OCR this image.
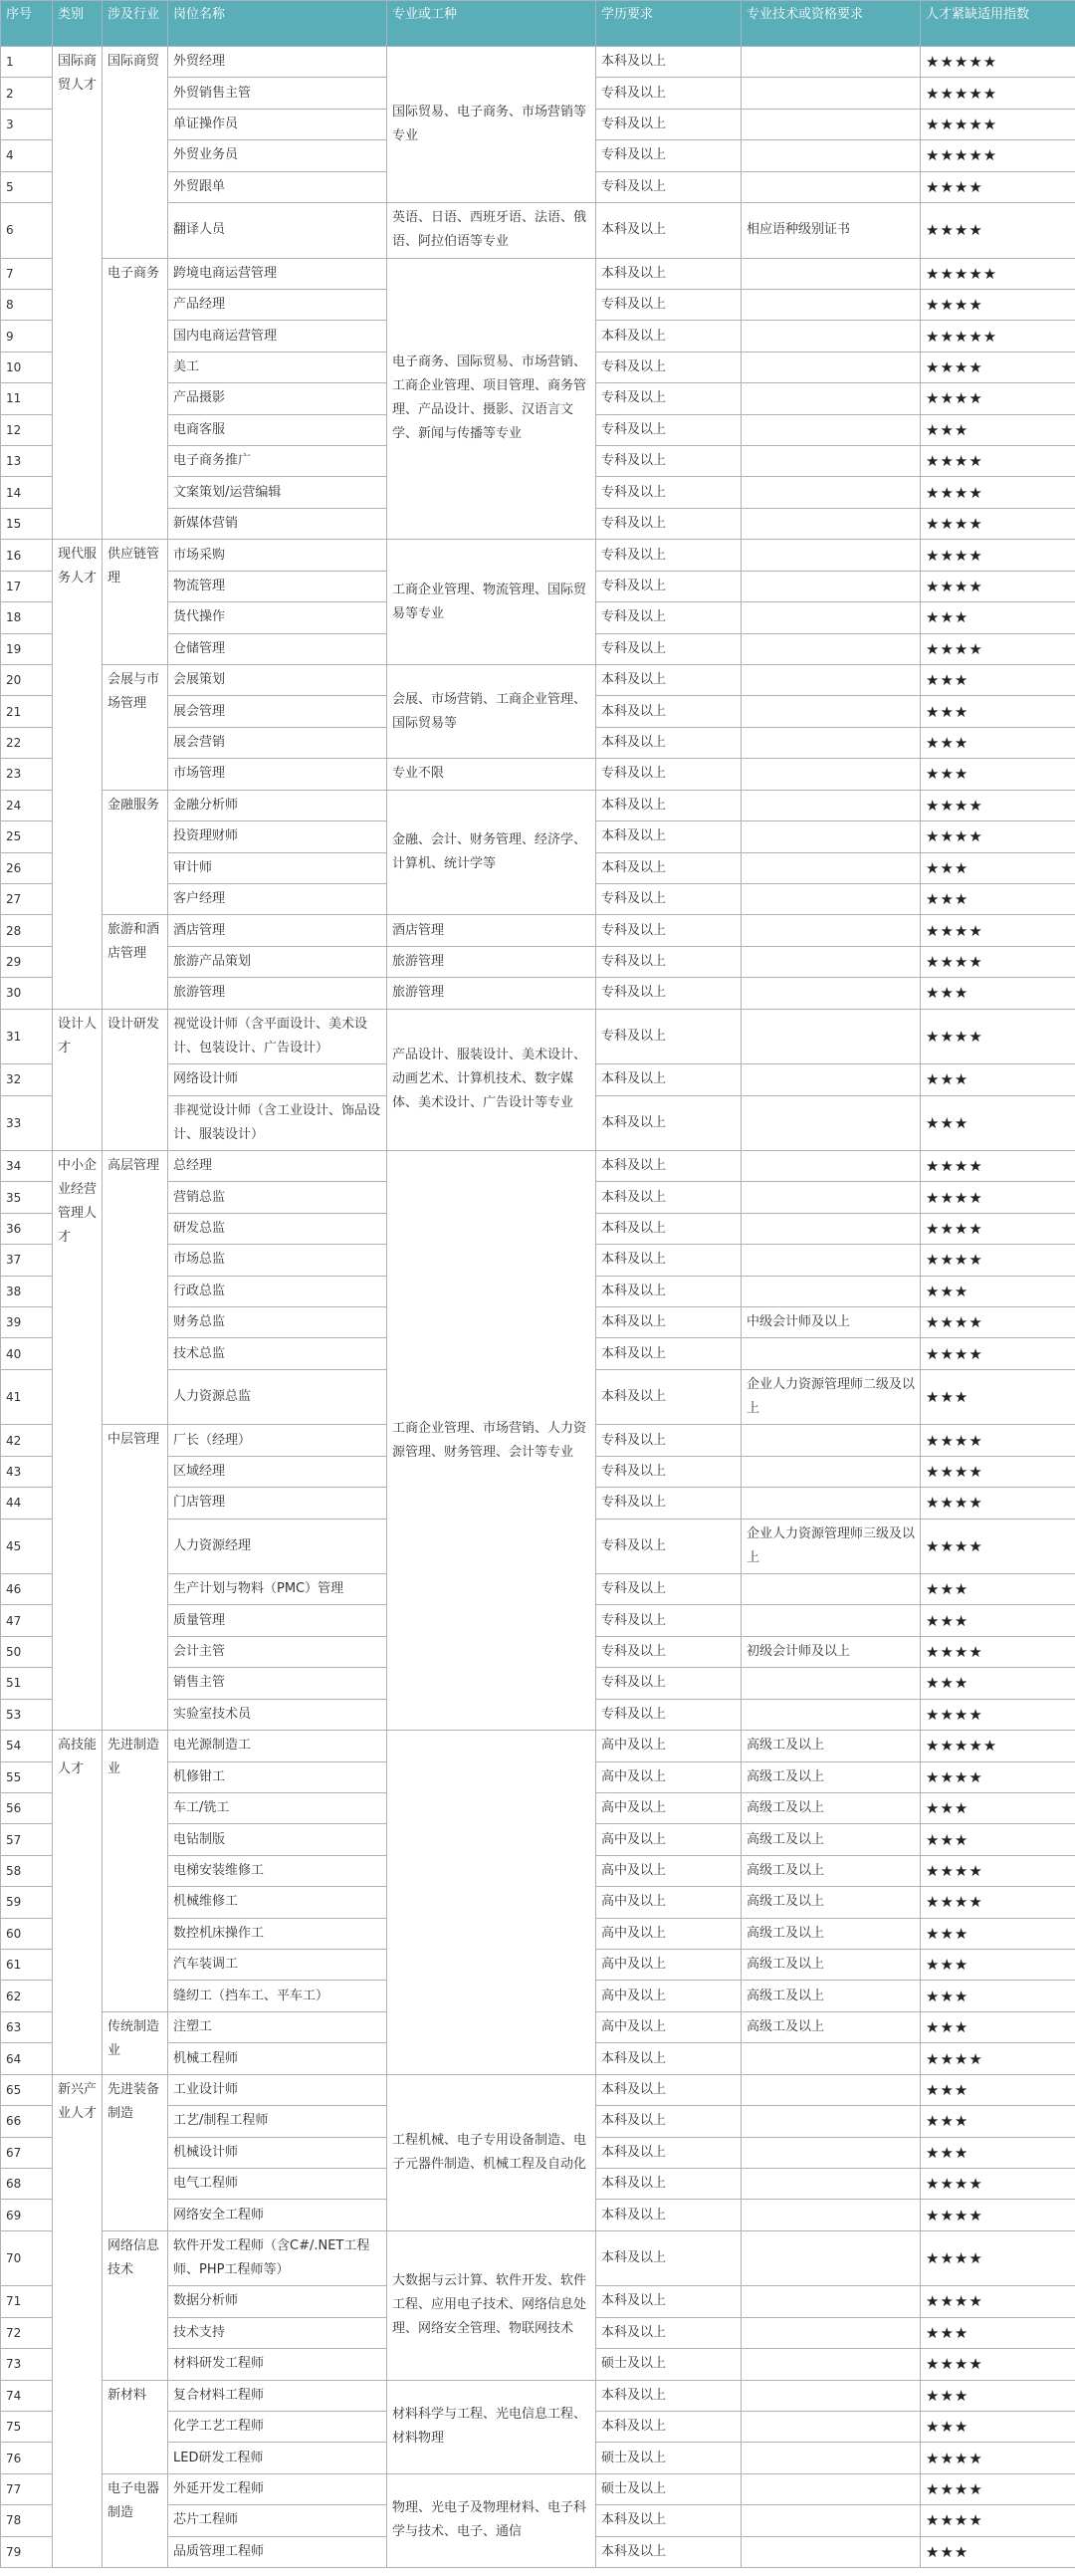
序号	类别	涉及行业	岗位名称	专业或工种	学历要求	专业技术或资格要求	人才紧缺适用指数
1	国际商贸人才	国际商贸	外贸经理	国际贸易、电子商务、市场营销等专业	本科及以上		★★★★★
2			外贸销售主管		专科及以上		★★★★★
3			单证操作员		专科及以上		★★★★★
4			外贸业务员		专科及以上		★★★★★
5			外贸跟单		专科及以上		★★★★
6			翻译人员	英语、日语、西班牙语、法语、俄语、阿拉伯语等专业	本科及以上	相应语种级别证书	★★★★
7		电子商务	跨境电商运营管理	电子商务、国际贸易、市场营销、工商企业管理、项目管理、商务管理、产品设计、摄影、汉语言文学、新闻与传播等专业	本科及以上		★★★★★
8			产品经理		专科及以上		★★★★
9			国内电商运营管理		本科及以上		★★★★★
10			美工		专科及以上		★★★★
11			产品摄影		专科及以上		★★★★
12			电商客服		专科及以上		★★★
13			电子商务推广		专科及以上		★★★★
14			文案策划/运营编辑		专科及以上		★★★★
15			新媒体营销		专科及以上		★★★★
16	现代服务人才	供应链管理	市场采购	工商企业管理、物流管理、国际贸易等专业	专科及以上		★★★★
17			物流管理		专科及以上		★★★★
18			货代操作		专科及以上		★★★
19			仓储管理		专科及以上		★★★★
20		会展与市场管理	会展策划	会展、市场营销、工商企业管理、国际贸易等	本科及以上		★★★
21			展会管理		本科及以上		★★★
22			展会营销		本科及以上		★★★
23			市场管理	专业不限	专科及以上		★★★
24		金融服务	金融分析师	金融、会计、财务管理、经济学、计算机、统计学等	本科及以上		★★★★
25			投资理财师		本科及以上		★★★★
26			审计师		本科及以上		★★★
27			客户经理		专科及以上		★★★
28		旅游和酒店管理	酒店管理	酒店管理	专科及以上		★★★★
29			旅游产品策划	旅游管理	专科及以上		★★★★
30			旅游管理	旅游管理	专科及以上		★★★
31	设计人才	设计研发	视觉设计师（含平面设计、美术设计、包装设计、广告设计）	产品设计、服装设计、美术设计、动画艺术、计算机技术、数字媒体、美术设计、广告设计等专业	专科及以上		★★★★
32			网络设计师		本科及以上		★★★
33			非视觉设计师（含工业设计、饰品设计、服装设计）		本科及以上		★★★
34	中小企业经营管理人才	高层管理	总经理	工商企业管理、市场营销、人力资源管理、财务管理、会计等专业	本科及以上		★★★★
35			营销总监		本科及以上		★★★★
36			研发总监		本科及以上		★★★★
37			市场总监		本科及以上		★★★★
38			行政总监		本科及以上		★★★
39			财务总监		本科及以上	中级会计师及以上	★★★★
40			技术总监		本科及以上		★★★★
41			人力资源总监		本科及以上	企业人力资源管理师二级及以上	★★★
42		中层管理	厂长（经理）		专科及以上		★★★★
43			区域经理		专科及以上		★★★★
44			门店管理		专科及以上		★★★★
45			人力资源经理		专科及以上	企业人力资源管理师三级及以上	★★★★
46			生产计划与物料（PMC）管理		专科及以上		★★★
47			质量管理		专科及以上		★★★
50			会计主管		专科及以上	初级会计师及以上	★★★★
51			销售主管		专科及以上		★★★
53			实验室技术员		专科及以上		★★★★
54	高技能人才	先进制造业	电光源制造工		高中及以上	高级工及以上	★★★★★
55			机修钳工		高中及以上	高级工及以上	★★★★
56			车工/铣工		高中及以上	高级工及以上	★★★
57			电钻制版		高中及以上	高级工及以上	★★★
58			电梯安装维修工		高中及以上	高级工及以上	★★★★
59			机械维修工		高中及以上	高级工及以上	★★★★
60			数控机床操作工		高中及以上	高级工及以上	★★★
61			汽车装调工		高中及以上	高级工及以上	★★★
62			缝纫工（挡车工、平车工）		高中及以上	高级工及以上	★★★
63		传统制造业	注塑工		高中及以上	高级工及以上	★★★
64			机械工程师		本科及以上		★★★★
65	新兴产业人才	先进装备制造	工业设计师	工程机械、电子专用设备制造、电子元器件制造、机械工程及自动化	本科及以上		★★★
66			工艺/制程工程师		本科及以上		★★★
67			机械设计师		本科及以上		★★★
68			电气工程师		本科及以上		★★★★
69			网络安全工程师		本科及以上		★★★★
70		网络信息技术	软件开发工程师（含C#/.NET工程师、PHP工程师等）	大数据与云计算、软件开发、软件工程、应用电子技术、网络信息处理、网络安全管理、物联网技术	本科及以上		★★★★
71			数据分析师		本科及以上		★★★★
72			技术支持		本科及以上		★★★
73			材料研发工程师		硕士及以上		★★★★
74		新材料	复合材料工程师	材料科学与工程、光电信息工程、材料物理	本科及以上		★★★
75			化学工艺工程师		本科及以上		★★★
76			LED研发工程师		硕士及以上		★★★★
77		电子电器制造	外延开发工程师	物理、光电子及物理材料、电子科学与技术、电子、通信	硕士及以上		★★★★
78			芯片工程师		本科及以上		★★★★
79			品质管理工程师		本科及以上		★★★
